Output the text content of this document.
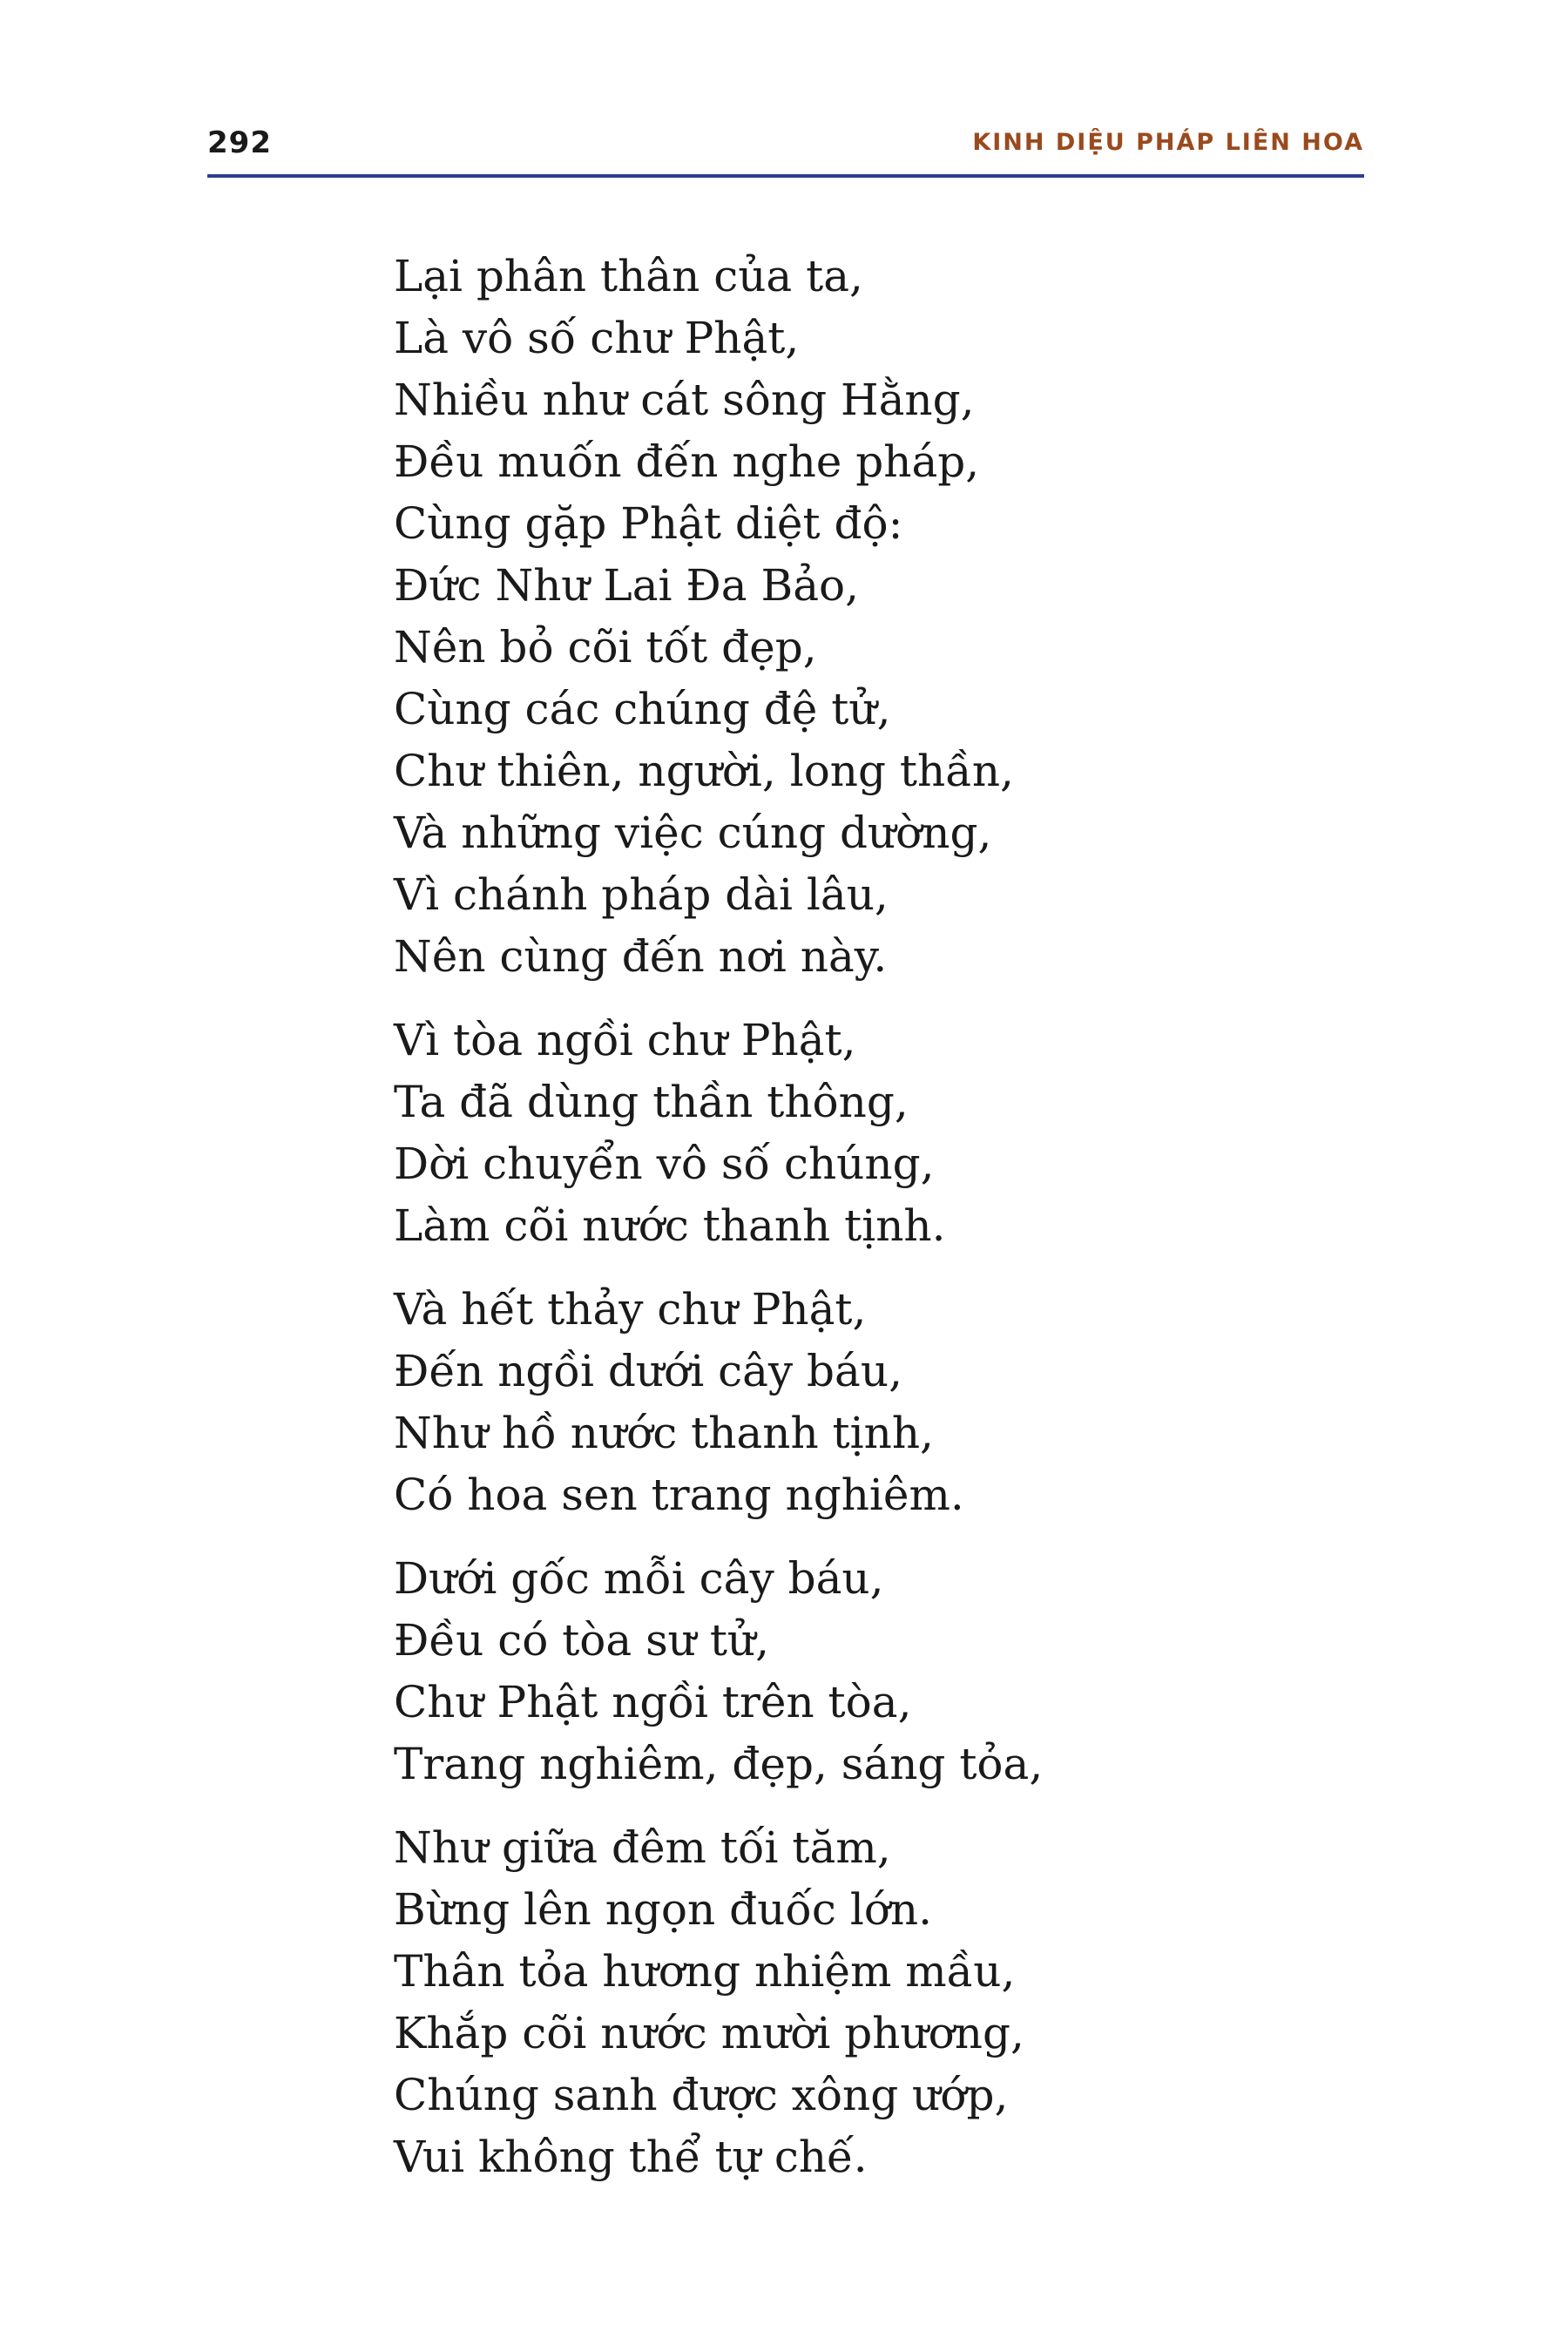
292	KINH DIỆU PHÁP LIÊN HOA
Lại phân thân của ta,
Là vô số chư Phật,
Nhiều như cát sông Hằng,
Đều muốn đến nghe pháp,
Cùng gặp Phật diệt độ:
Đức Như Lai Đa Bảo,
Nên bỏ cõi tốt đẹp,
Cùng các chúng đệ tử,
Chư thiên, người, long thần,
Và những việc cúng dường,
Vì chánh pháp dài lâu,
Nên cùng đến nơi này.
Vì tòa ngồi chư Phật,
Ta đã dùng thần thông,
Dời chuyển vô số chúng,
Làm cõi nước thanh tịnh.
Và hết thảy chư Phật,
Đến ngồi dưới cây báu,
Như hồ nước thanh tịnh,
Có hoa sen trang nghiêm.
Dưới gốc mỗi cây báu,
Đều có tòa sư tử,
Chư Phật ngồi trên tòa,
Trang nghiêm, đẹp, sáng tỏa,
Như giữa đêm tối tăm,
Bừng lên ngọn đuốc lớn.
Thân tỏa hương nhiệm mầu,
Khắp cõi nước mười phương,
Chúng sanh được xông ướp,
Vui không thể tự chế.
